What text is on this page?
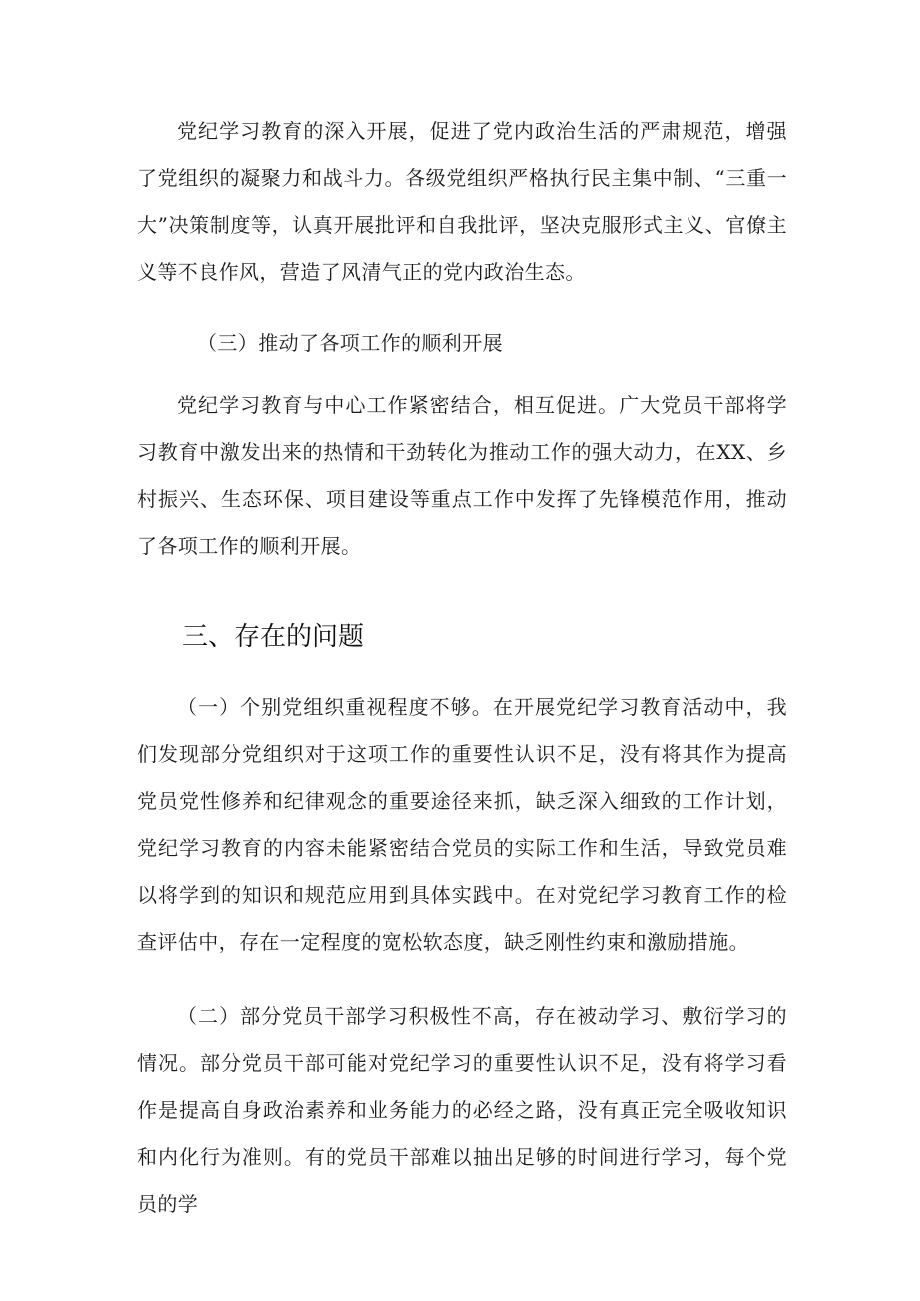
党纪学习教育的深入开展，促进了党内政治生活的严肃规范，增强了党组织的凝聚力和战斗力。各级党组织严格执行民主集中制、“三重一大”决策制度等，认真开展批评和自我批评，坚决克服形式主义、官僚主义等不良作风，营造了风清气正的党内政治生态。

（三）推动了各项工作的顺利开展

党纪学习教育与中心工作紧密结合，相互促进。广大党员干部将学习教育中激发出来的热情和干劲转化为推动工作的强大动力，在XX、乡村振兴、生态环保、项目建设等重点工作中发挥了先锋模范作用，推动了各项工作的顺利开展。

三、存在的问题

（一）个别党组织重视程度不够。在开展党纪学习教育活动中，我们发现部分党组织对于这项工作的重要性认识不足，没有将其作为提高党员党性修养和纪律观念的重要途径来抓，缺乏深入细致的工作计划，党纪学习教育的内容未能紧密结合党员的实际工作和生活，导致党员难以将学到的知识和规范应用到具体实践中。在对党纪学习教育工作的检查评估中，存在一定程度的宽松软态度，缺乏刚性约束和激励措施。

（二）部分党员干部学习积极性不高，存在被动学习、敷衍学习的情况。部分党员干部可能对党纪学习的重要性认识不足，没有将学习看作是提高自身政治素养和业务能力的必经之路，没有真正完全吸收知识和内化行为准则。有的党员干部难以抽出足够的时间进行学习，每个党员的学
